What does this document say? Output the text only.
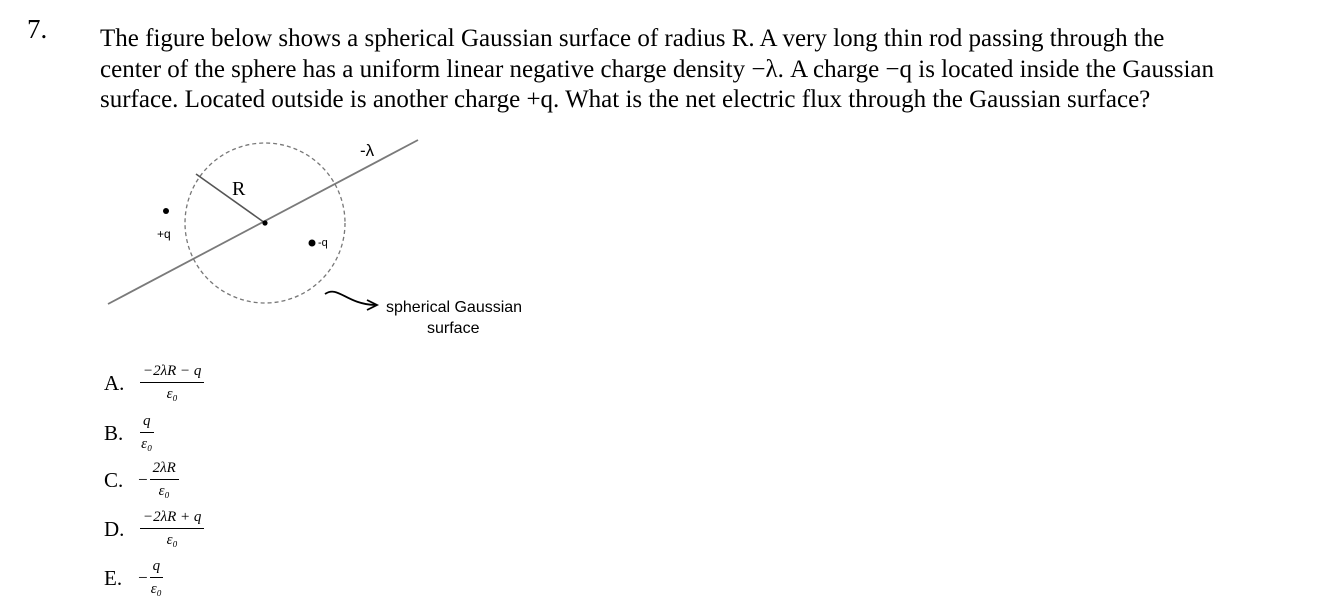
7. The figure below shows a spherical Gaussian surface of radius R. A very long thin rod passing through the
center of the sphere has a uniform linear negative charge density −λ. A charge −q is located inside the Gaussian
surface. Located outside is another charge +q. What is the net electric flux through the Gaussian surface?
-λ
R
+q
-q
spherical Gaussian
surface
A.	$\frac{-2\lambda R - q}{\text{ε₀}}$
B.	$\frac{q}{\text{ε₀}}$
C. − $\frac{2\lambda R}{\text{ε₀}}$
D.	$\frac{-2\lambda R + q}{\text{ε₀}}$
E. − $\frac{q}{\text{ε₀}}$
